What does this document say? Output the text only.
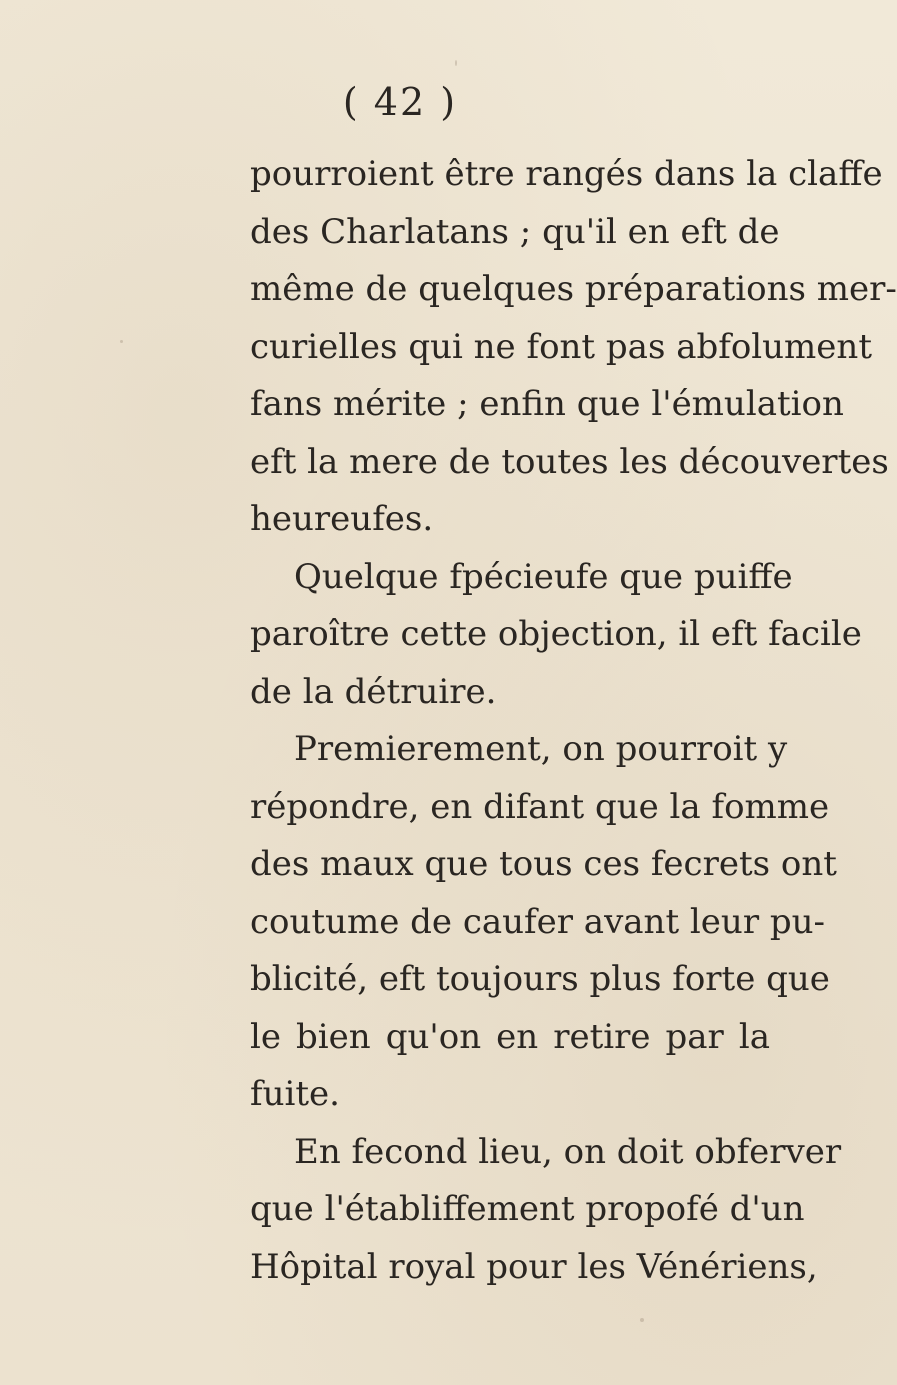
( 42 )
pourroient être rangés dans la claffe
des Charlatans ; qu'il en eft de
même de quelques préparations mer-
curielles qui ne font pas abfolument
fans mérite ; enfin que l'émulation
eft la mere de toutes les découvertes
heureufes.
Quelque fpécieufe que puiffe
paroître cette objection, il eft facile
de la détruire.
Premierement, on pourroit y
répondre, en difant que la fomme
des maux que tous ces fecrets ont
coutume de caufer avant leur pu-
blicité, eft toujours plus forte que
le bien qu'on en retire par la
fuite.
En fecond lieu, on doit obferver
que l'établiffement propofé d'un
Hôpital royal pour les Vénériens,
